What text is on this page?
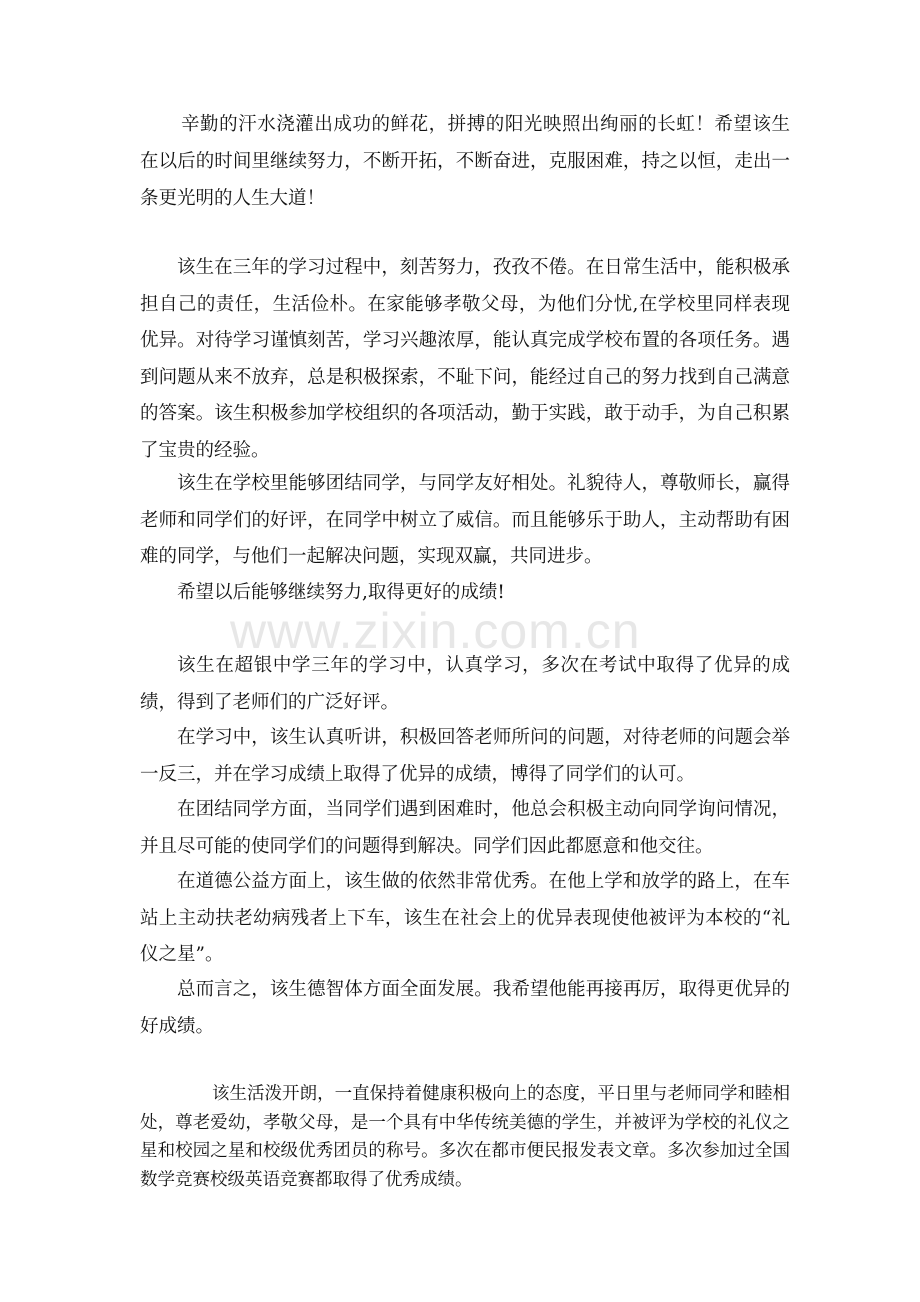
辛勤的汗水浇灌出成功的鲜花，拼搏的阳光映照出绚丽的长虹！希望该生在以后的时间里继续努力，不断开拓，不断奋进，克服困难，持之以恒，走出一条更光明的人生大道！

该生在三年的学习过程中，刻苦努力，孜孜不倦。在日常生活中，能积极承担自己的责任，生活俭朴。在家能够孝敬父母，为他们分忧,在学校里同样表现优异。对待学习谨慎刻苦，学习兴趣浓厚，能认真完成学校布置的各项任务。遇到问题从来不放弃，总是积极探索，不耻下问，能经过自己的努力找到自己满意的答案。该生积极参加学校组织的各项活动，勤于实践，敢于动手，为自己积累了宝贵的经验。

该生在学校里能够团结同学，与同学友好相处。礼貌待人，尊敬师长，赢得老师和同学们的好评，在同学中树立了威信。而且能够乐于助人，主动帮助有困难的同学，与他们一起解决问题，实现双赢，共同进步。

希望以后能够继续努力,取得更好的成绩!

该生在超银中学三年的学习中，认真学习，多次在考试中取得了优异的成绩，得到了老师们的广泛好评。

在学习中，该生认真听讲，积极回答老师所问的问题，对待老师的问题会举一反三，并在学习成绩上取得了优异的成绩，博得了同学们的认可。

在团结同学方面，当同学们遇到困难时，他总会积极主动向同学询问情况，并且尽可能的使同学们的问题得到解决。同学们因此都愿意和他交往。

在道德公益方面上，该生做的依然非常优秀。在他上学和放学的路上，在车站上主动扶老幼病残者上下车，该生在社会上的优异表现使他被评为本校的“礼仪之星”。

总而言之，该生德智体方面全面发展。我希望他能再接再厉，取得更优异的好成绩。

该生活泼开朗，一直保持着健康积极向上的态度，平日里与老师同学和睦相处，尊老爱幼，孝敬父母，是一个具有中华传统美德的学生，并被评为学校的礼仪之星和校园之星和校级优秀团员的称号。多次在都市便民报发表文章。多次参加过全国数学竞赛校级英语竞赛都取得了优秀成绩。

www.zixin.com.cn
